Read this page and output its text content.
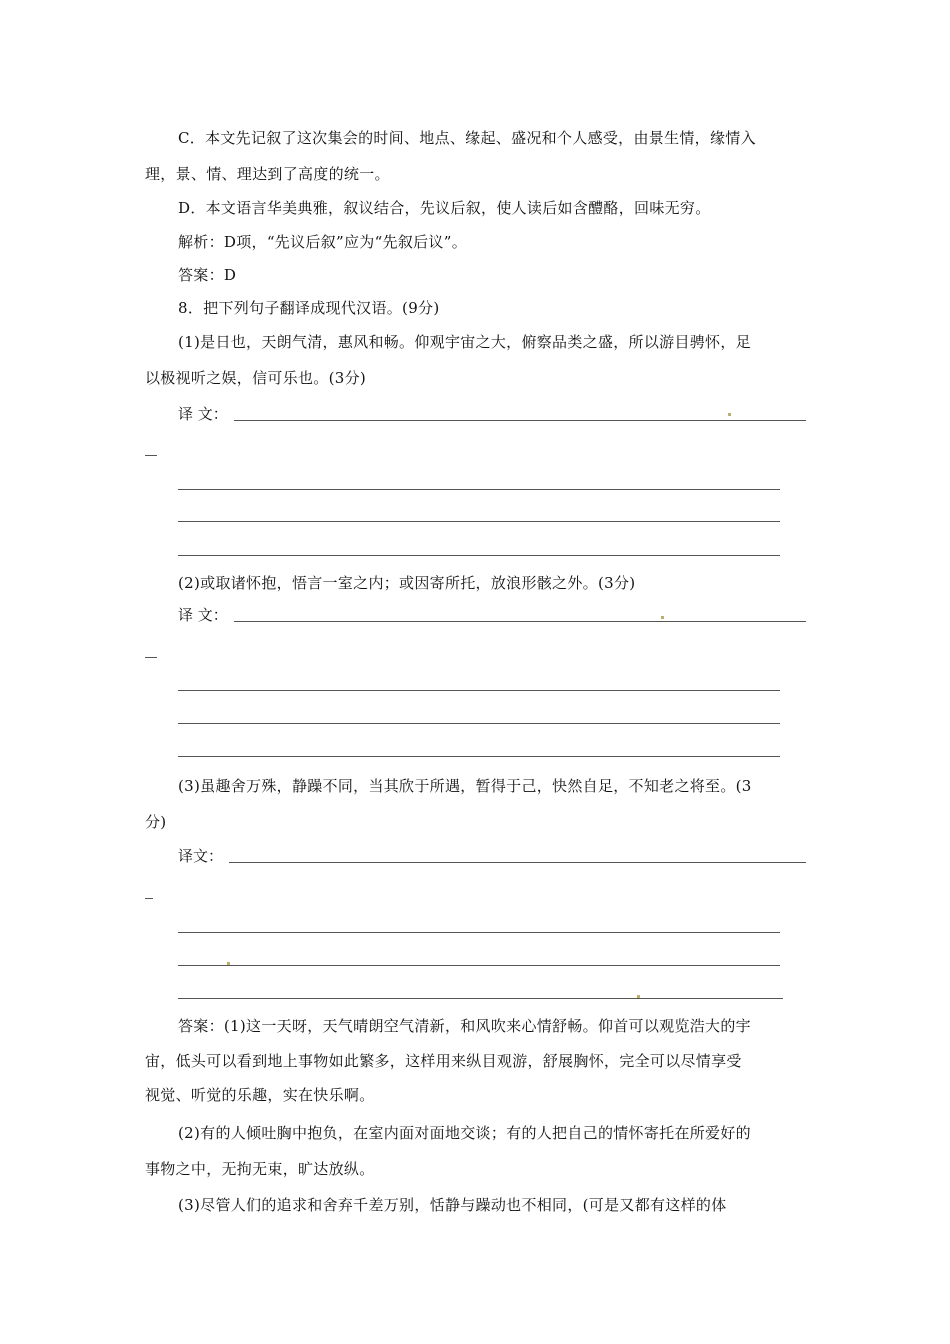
C．本文先记叙了这次集会的时间、地点、缘起、盛况和个人感受，由景生情，缘情入
理，景、情、理达到了高度的统一。
D．本文语言华美典雅，叙议结合，先议后叙，使人读后如含醴酪，回味无穷。
解析：D项，“先议后叙”应为“先叙后议”。
答案：D
8．把下列句子翻译成现代汉语。(9分)
(1)是日也，天朗气清，惠风和畅。仰观宇宙之大，俯察品类之盛，所以游目骋怀，足
以极视听之娱，信可乐也。(3分)
译 文：
(2)或取诸怀抱，悟言一室之内；或因寄所托，放浪形骸之外。(3分)
译 文：
(3)虽趣舍万殊，静躁不同，当其欣于所遇，暂得于己，快然自足，不知老之将至。(3
分)
译文：
答案：(1)这一天呀，天气晴朗空气清新，和风吹来心情舒畅。仰首可以观览浩大的宇
宙，低头可以看到地上事物如此繁多，这样用来纵目观游，舒展胸怀，完全可以尽情享受
视觉、听觉的乐趣，实在快乐啊。
(2)有的人倾吐胸中抱负，在室内面对面地交谈；有的人把自己的情怀寄托在所爱好的
事物之中，无拘无束，旷达放纵。
(3)尽管人们的追求和舍弃千差万别，恬静与躁动也不相同，(可是又都有这样的体
